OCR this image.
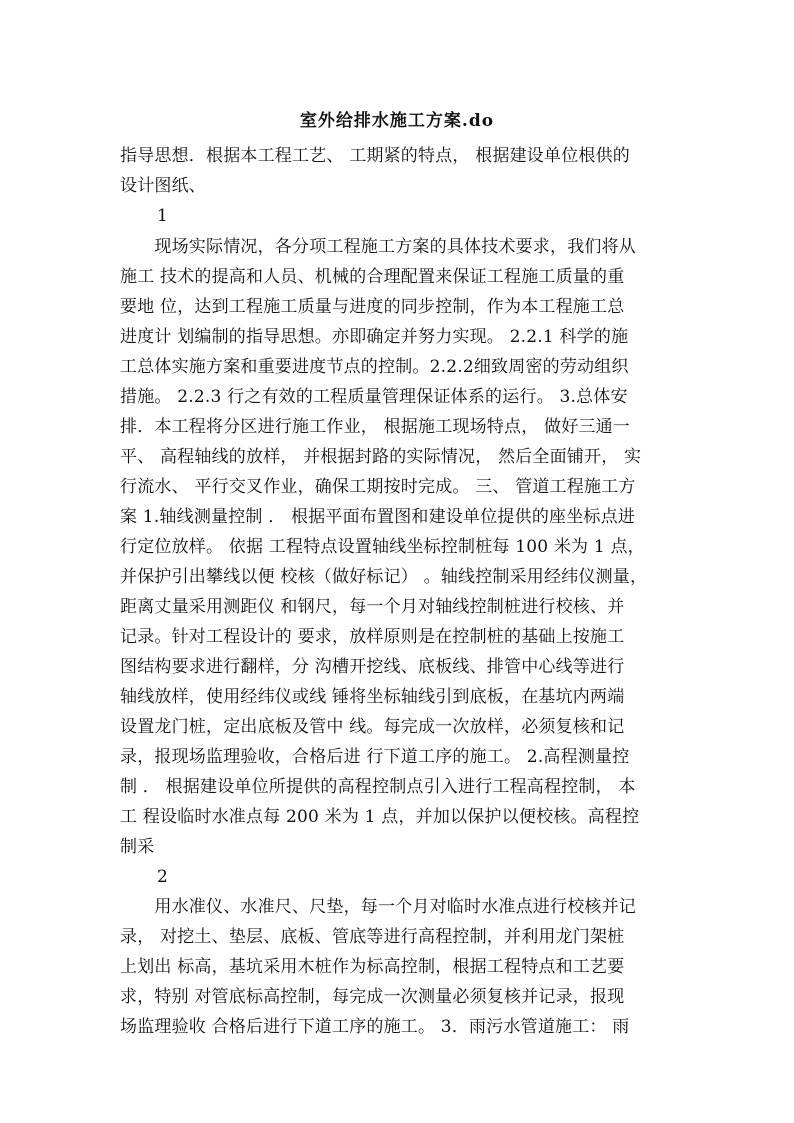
室外给排水施工方案.do
指导思想．根据本工程工艺、 工期紧的特点， 根据建设单位根供的
设计图纸、
1
　　现场实际情况，各分项工程施工方案的具体技术要求，我们将从
施工 技术的提高和人员、机械的合理配置来保证工程施工质量的重
要地 位，达到工程施工质量与进度的同步控制，作为本工程施工总
进度计 划编制的指导思想。亦即确定并努力实现。 2.2.1 科学的施
工总体实施方案和重要进度节点的控制。2.2.2细致周密的劳动组织
措施。 2.2.3 行之有效的工程质量管理保证体系的运行。 3.总体安
排．本工程将分区进行施工作业， 根据施工现场特点， 做好三通一
平、 高程轴线的放样， 并根据封路的实际情况， 然后全面铺开， 实
行流水、 平行交叉作业，确保工期按时完成。 三、 管道工程施工方
案 1.轴线测量控制 ． 根据平面布置图和建设单位提供的座坐标点进
行定位放样。 依据 工程特点设置轴线坐标控制桩每 100 米为 1 点，
并保护引出攀线以便 校核（做好标记） 。轴线控制采用经纬仪测量，
距离丈量采用测距仪 和钢尺，每一个月对轴线控制桩进行校核、并
记录。针对工程设计的 要求，放样原则是在控制桩的基础上按施工
图结构要求进行翻样，分 沟槽开挖线、底板线、排管中心线等进行
轴线放样，使用经纬仪或线 锤将坐标轴线引到底板，在基坑内两端
设置龙门桩，定出底板及管中 线。每完成一次放样，必须复核和记
录，报现场监理验收，合格后进 行下道工序的施工。 2.高程测量控
制 ． 根据建设单位所提供的高程控制点引入进行工程高程控制， 本
工 程设临时水准点每 200 米为 1 点，并加以保护以便校核。高程控
制采
2
　　用水准仪、水准尺、尺垫，每一个月对临时水准点进行校核并记
录， 对挖土、垫层、底板、管底等进行高程控制，并利用龙门架桩
上划出 标高，基坑采用木桩作为标高控制，根据工程特点和工艺要
求，特别 对管底标高控制，每完成一次测量必须复核并记录，报现
场监理验收 合格后进行下道工序的施工。 3．雨污水管道施工： 雨
